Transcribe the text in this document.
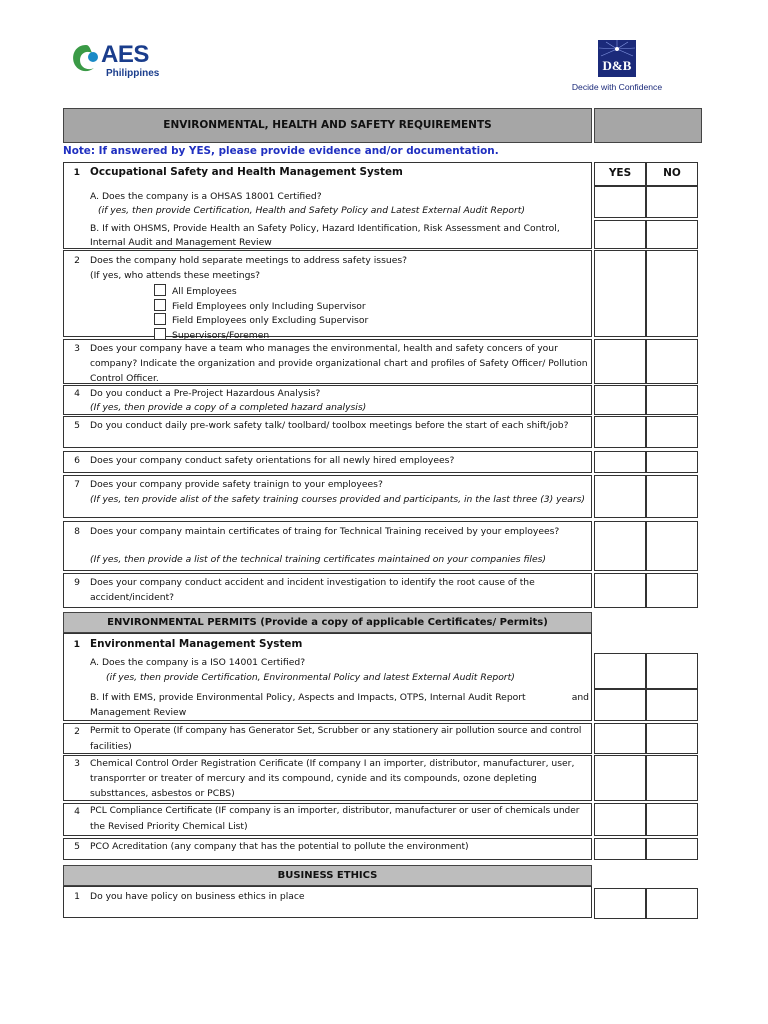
AES
Philippines
D&B
Decide with Confidence
ENVIRONMENTAL, HEALTH AND SAFETY REQUIREMENTS
Note: If answered by YES, please provide evidence and/or documentation.
1 Occupational Safety and Health Management System
A. Does the company is a OHSAS 18001 Certified?
(if yes, then provide Certification, Health and Safety Policy and Latest External Audit Report)
B. If with OHSMS, Provide Health an Safety Policy, Hazard Identification, Risk Assessment and Control,
Internal Audit and Management Review
YES	NO
2 Does the company hold separate meetings to address safety issues?
(If yes, who attends these meetings?
All Employees
Field Employees only Including Supervisor
Field Employees only Excluding Supervisor
Supervisors/Foremen
3 Does your company have a team who manages the environmental, health and safety concers of your
company? Indicate the organization and provide organizational chart and profiles of Safety Officer/ Pollution
Control Officer.
4 Do you conduct a Pre-Project Hazardous Analysis?
(If yes, then provide a copy of a completed hazard analysis)
5 Do you conduct daily pre-work safety talk/ toolbard/ toolbox meetings before the start of each shift/job?
6 Does your company conduct safety orientations for all newly hired employees?
7 Does your company provide safety trainign to your employees?
(If yes, ten provide alist of the safety training courses provided and participants, in the last three (3) years)
8 Does your company maintain certificates of traing for Technical Training received by your employees?
(If yes, then provide a list of the technical training certificates maintained on your companies files)
9 Does your company conduct accident and incident investigation to identify the root cause of the
accident/incident?
ENVIRONMENTAL PERMITS (Provide a copy of applicable Certificates/ Permits)
1 Environmental Management System
A. Does the company is a ISO 14001 Certified?
(if yes, then provide Certification, Environmental Policy and latest External Audit Report)
B. If with EMS, provide Environmental Policy, Aspects and Impacts, OTPS, Internal Audit Report	and
Management Review
2 Permit to Operate (If company has Generator Set, Scrubber or any stationery air pollution source and control
facilities)
3 Chemical Control Order Registration Cerificate (If company I an importer, distributor, manufacturer, user,
transporrter or treater of mercury and its compound, cynide and its compounds, ozone depleting
substtances, asbestos or PCBS)
4 PCL Compliance Certificate (IF company is an importer, distributor, manufacturer or user of chemicals under
the Revised Priority Chemical List)
5 PCO Acreditation (any company that has the potential to pollute the environment)
BUSINESS ETHICS
1 Do you have policy on business ethics in place
